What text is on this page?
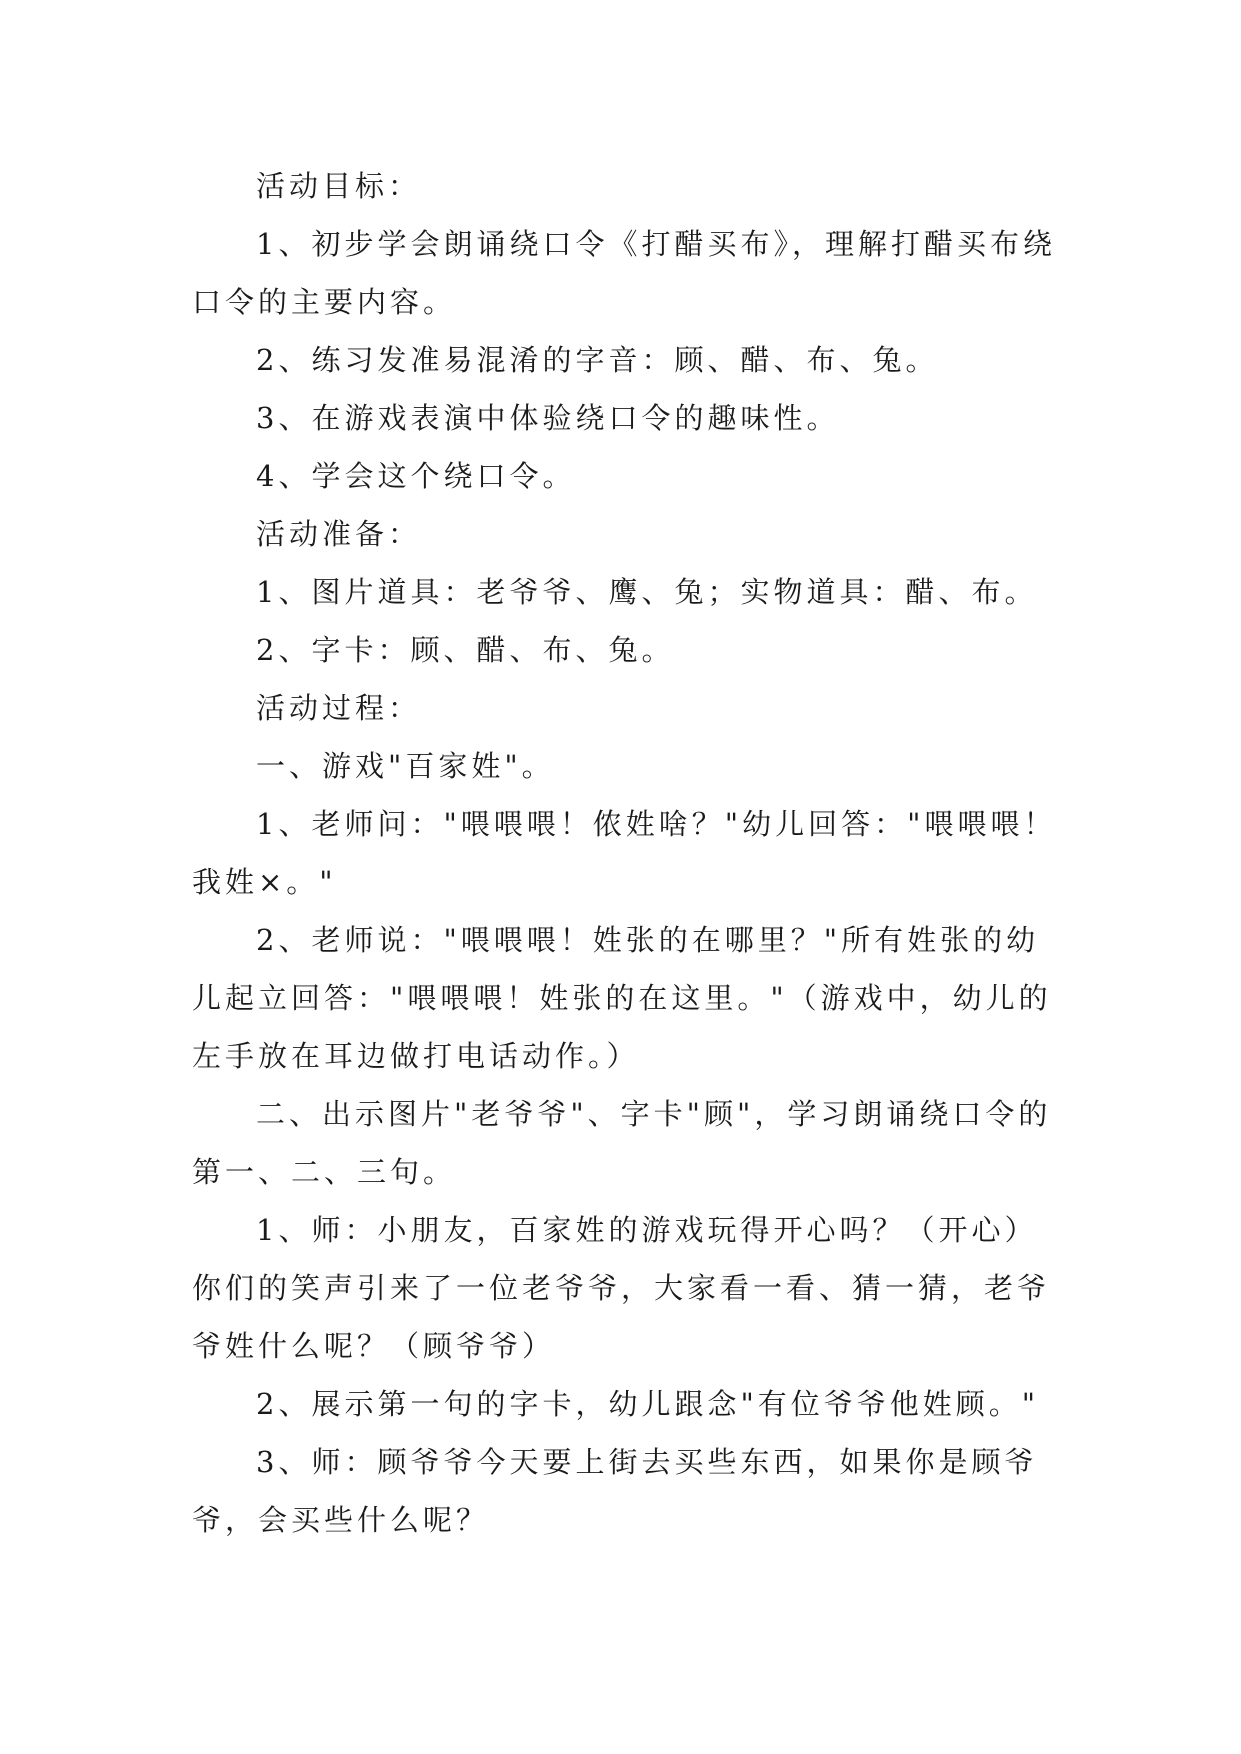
活动目标：

1、初步学会朗诵绕口令《打醋买布》，理解打醋买布绕口令的主要内容。

2、练习发准易混淆的字音：顾、醋、布、兔。

3、在游戏表演中体验绕口令的趣味性。

4、学会这个绕口令。

活动准备：

1、图片道具：老爷爷、鹰、兔；实物道具：醋、布。

2、字卡：顾、醋、布、兔。

活动过程：

一、游戏"百家姓"。

1、老师问："喂喂喂！侬姓啥？"幼儿回答："喂喂喂！我姓×。"

2、老师说："喂喂喂！姓张的在哪里？"所有姓张的幼儿起立回答："喂喂喂！姓张的在这里。"（游戏中，幼儿的左手放在耳边做打电话动作。）

二、出示图片"老爷爷"、字卡"顾"，学习朗诵绕口令的第一、二、三句。

1、师：小朋友，百家姓的游戏玩得开心吗？（开心）你们的笑声引来了一位老爷爷，大家看一看、猜一猜，老爷爷姓什么呢？（顾爷爷）

2、展示第一句的字卡，幼儿跟念"有位爷爷他姓顾。"

3、师：顾爷爷今天要上街去买些东西，如果你是顾爷爷，会买些什么呢？
